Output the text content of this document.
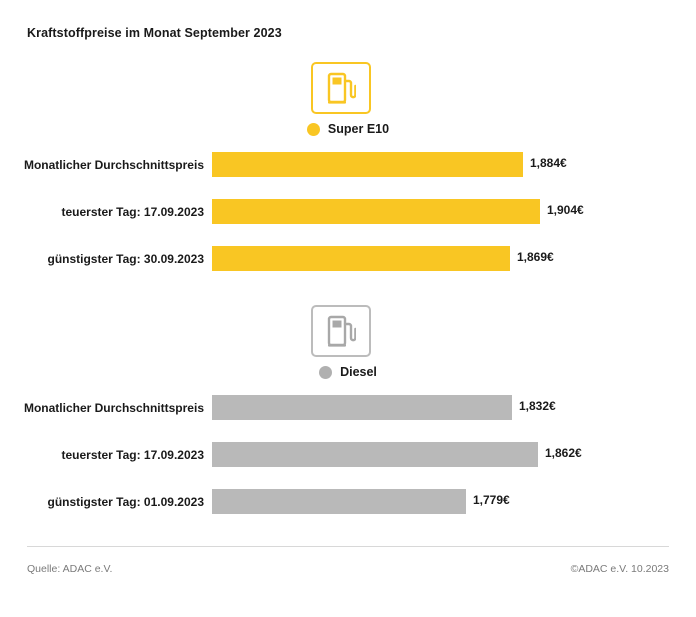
Kraftstoffpreise im Monat September 2023
Super E10
Monatlicher Durchschnittspreis	1,884€
teuerster Tag: 17.09.2023	1,904€
günstigster Tag: 30.09.2023	1,869€
Diesel
Monatlicher Durchschnittspreis	1,832€
teuerster Tag: 17.09.2023	1,862€
günstigster Tag: 01.09.2023	1,779€
Quelle: ADAC e.V.	©ADAC e.V. 10.2023
